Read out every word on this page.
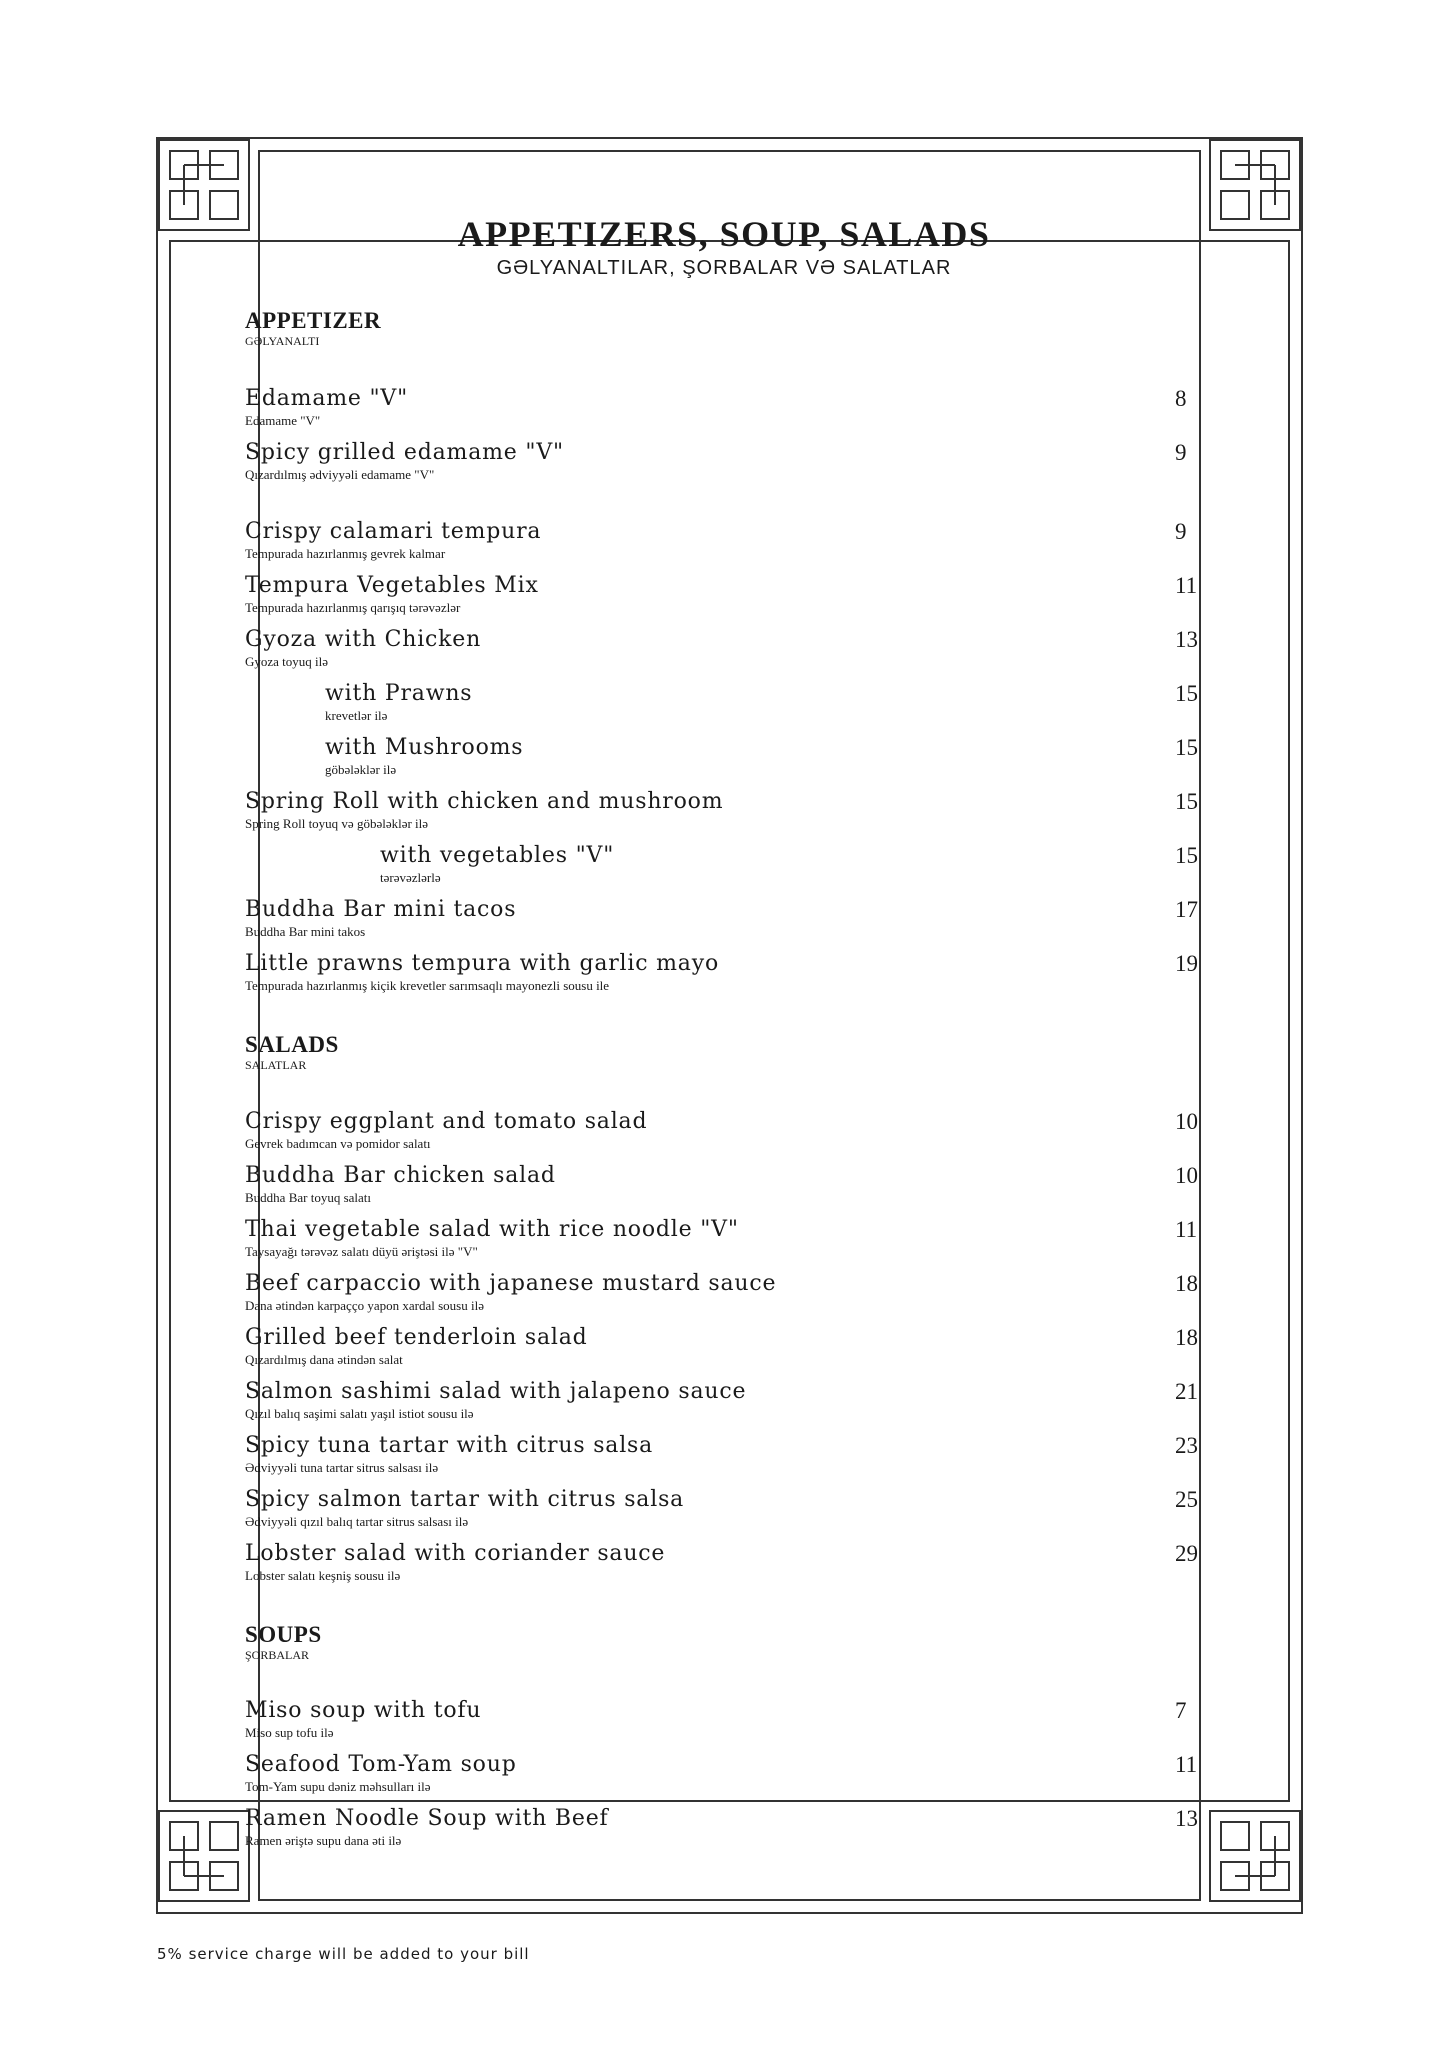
APPETIZERS, SOUP, SALADS
GƏLYANALTILAR, ŞORBALAR VƏ SALATLAR
APPETIZER
GƏLYANALTI
Edamame "V"
Edamame "V"
8
Spicy grilled edamame "V"
Qızardılmış ədviyyəli edamame "V"
9
Crispy calamari tempura
Tempurada hazırlanmış gevrek kalmar
9
Tempura Vegetables Mix
Tempurada hazırlanmış qarışıq tərəvəzlər
11
Gyoza with Chicken
Gyoza toyuq ilə
13
with Prawns
krevetlər ilə
15
with Mushrooms
göbələklər ilə
15
Spring Roll with chicken and mushroom
Spring Roll toyuq və göbələklər ilə
15
with vegetables "V"
tərəvəzlərlə
15
Buddha Bar mini tacos
Buddha Bar mini takos
17
Little prawns tempura with garlic mayo
Tempurada hazırlanmış kiçik krevetler sarımsaqlı mayonezli sousu ile
19
SALADS
SALATLAR
Crispy eggplant and tomato salad
Gevrek badımcan və pomidor salatı
10
Buddha Bar chicken salad
Buddha Bar toyuq salatı
10
Thai vegetable salad with rice noodle "V"
Taysayağı tərəvəz salatı düyü əriştəsi ilə "V"
11
Beef carpaccio with japanese mustard sauce
Dana ətindən karpaçço yapon xardal sousu ilə
18
Grilled beef tenderloin salad
Qızardılmış dana ətindən salat
18
Salmon sashimi salad with jalapeno sauce
Qızıl balıq saşimi salatı yaşıl istiot sousu ilə
21
Spicy tuna tartar with citrus salsa
Ədviyyəli tuna tartar sitrus salsası ilə
23
Spicy salmon tartar with citrus salsa
Ədviyyəli qızıl balıq tartar sitrus salsası ilə
25
Lobster salad with coriander sauce
Lobster salatı keşniş sousu ilə
29
SOUPS
ŞORBALAR
Miso soup with tofu
Miso sup tofu ilə
7
Seafood Tom-Yam soup
Tom-Yam supu dəniz məhsulları ilə
11
Ramen Noodle Soup with Beef
Ramen əriştə supu dana əti ilə
13
5% service charge will be added to your bill
